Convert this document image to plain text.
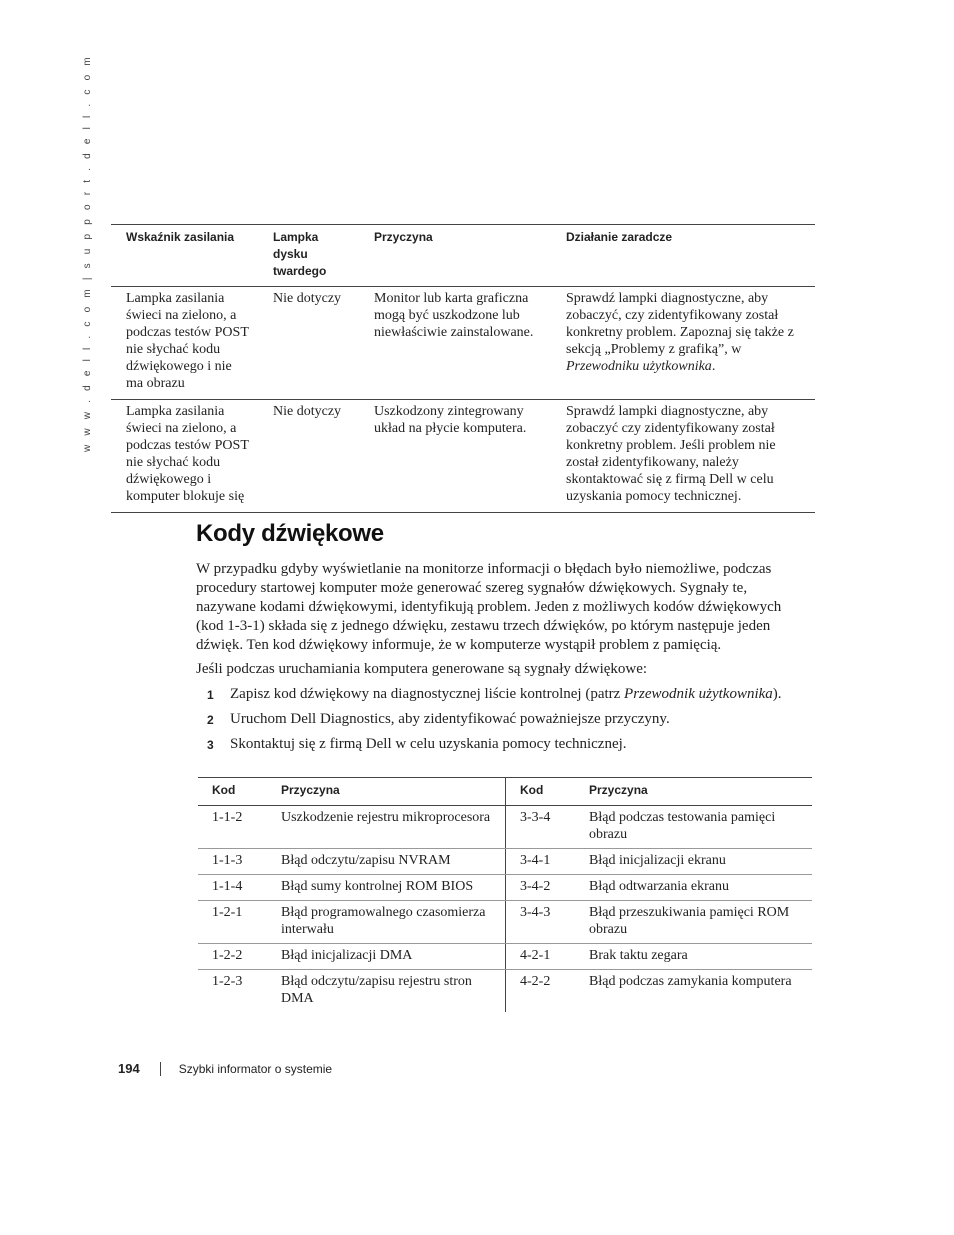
w w w . d e l l . c o m | s u p p o r t . d e l l . c o m	Wskaźnik zasilania	Lampka dysku twardego	Przyczyna	Działanie zaradcze
Lampka zasilania świeci na zielono, a podczas testów POST nie słychać kodu dźwiękowego i nie ma obrazu	Nie dotyczy	Monitor lub karta graficzna mogą być uszkodzone lub niewłaściwie zainstalowane.	Sprawdź lampki diagnostyczne, aby zobaczyć, czy zidentyfikowany został konkretny problem. Zapoznaj się także z sekcją „Problemy z grafiką”, w Przewodniku użytkownika.
Lampka zasilania świeci na zielono, a podczas testów POST nie słychać kodu dźwiękowego i komputer blokuje się	Nie dotyczy	Uszkodzony zintegrowany układ na płycie komputera.	Sprawdź lampki diagnostyczne, aby zobaczyć czy zidentyfikowany został konkretny problem. Jeśli problem nie został zidentyfikowany, należy skontaktować się z firmą Dell w celu uzyskania pomocy technicznej.
Kody dźwiękowe

W przypadku gdyby wyświetlanie na monitorze informacji o błędach było niemożliwe, podczas procedury startowej komputer może generować szereg sygnałów dźwiękowych. Sygnały te, nazywane kodami dźwiękowymi, identyfikują problem. Jeden z możliwych kodów dźwiękowych (kod 1-3-1) składa się z jednego dźwięku, zestawu trzech dźwięków, po którym następuje jeden dźwięk. Ten kod dźwiękowy informuje, że w komputerze wystąpił problem z pamięcią.

Jeśli podczas uruchamiania komputera generowane są sygnały dźwiękowe:

1 Zapisz kod dźwiękowy na diagnostycznej liście kontrolnej (patrz Przewodnik użytkownika).
2 Uruchom Dell Diagnostics, aby zidentyfikować poważniejsze przyczyny.
3 Skontaktuj się z firmą Dell w celu uzyskania pomocy technicznej.
Kod	Przyczyna	Kod	Przyczyna
1-1-2	Uszkodzenie rejestru mikroprocesora	3-3-4	Błąd podczas testowania pamięci obrazu
1-1-3	Błąd odczytu/zapisu NVRAM	3-4-1	Błąd inicjalizacji ekranu
1-1-4	Błąd sumy kontrolnej ROM BIOS	3-4-2	Błąd odtwarzania ekranu
1-2-1	Błąd programowalnego czasomierza interwału	3-4-3	Błąd przeszukiwania pamięci ROM obrazu
1-2-2	Błąd inicjalizacji DMA	4-2-1	Brak taktu zegara
1-2-3	Błąd odczytu/zapisu rejestru stron DMA	4-2-2	Błąd podczas zamykania komputera
194	Szybki informator o systemie
